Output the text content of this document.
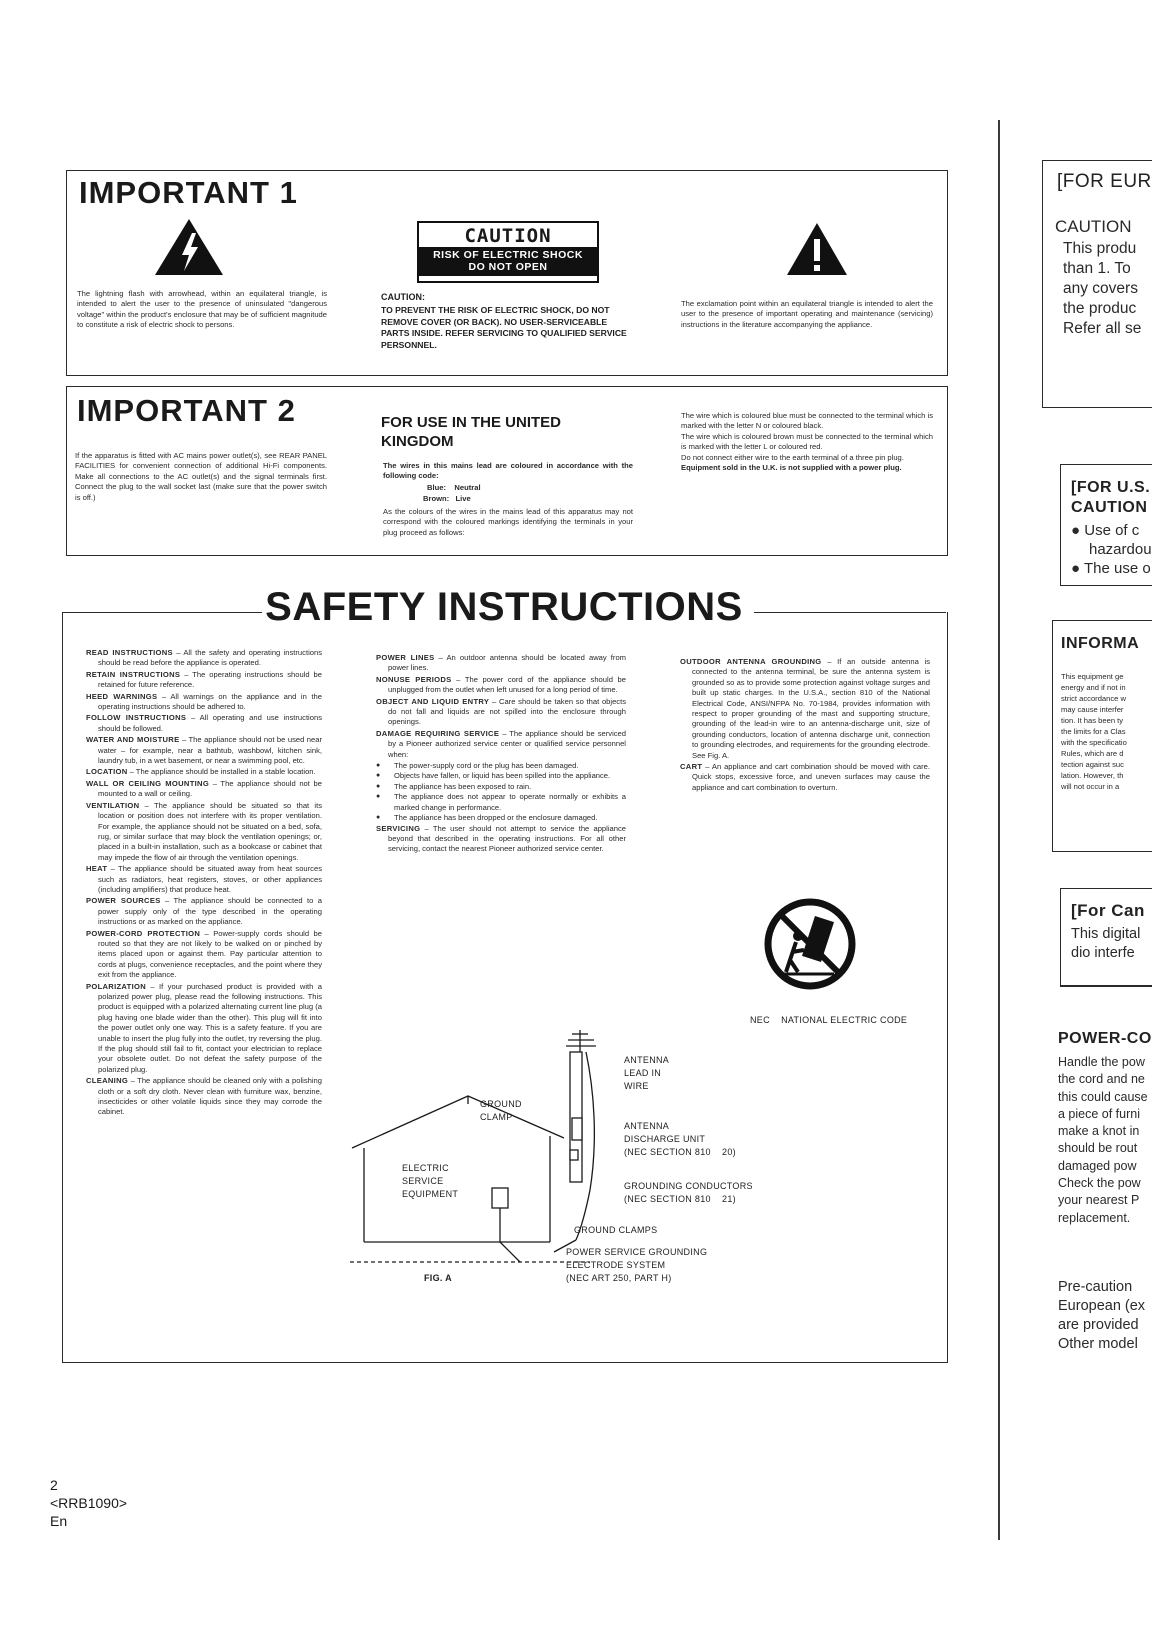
IMPORTANT 1
The lightning flash with arrowhead, within an equilateral triangle, is intended to alert the user to the presence of uninsulated "dangerous voltage" within the product's enclosure that may be of sufficient magnitude to constitute a risk of electric shock to persons.
CAUTION
RISK OF ELECTRIC SHOCK
DO NOT OPEN
CAUTION:
TO PREVENT THE RISK OF ELECTRIC SHOCK, DO NOT REMOVE COVER (OR BACK). NO USER-SERVICEABLE PARTS INSIDE. REFER SERVICING TO QUALIFIED SERVICE PERSONNEL.
The exclamation point within an equilateral triangle is intended to alert the user to the presence of important operating and maintenance (servicing) instructions in the literature accompanying the appliance.
IMPORTANT 2
If the apparatus is fitted with AC mains power outlet(s), see REAR PANEL FACILITIES for convenient connection of additional Hi-Fi components. Make all connections to the AC outlet(s) and the signal terminals first. Connect the plug to the wall socket last (make sure that the power switch is off.)
FOR USE IN THE UNITED KINGDOM
The wires in this mains lead are coloured in accordance with the following code:
Blue:    Neutral
Brown:   Live
As the colours of the wires in the mains lead of this apparatus may not correspond with the coloured markings identifying the terminals in your plug proceed as follows:
The wire which is coloured blue must be connected to the terminal which is marked with the letter N or coloured black.
The wire which is coloured brown must be connected to the terminal which is marked with the letter L or coloured red.
Do not connect either wire to the earth terminal of a three pin plug.
Equipment sold in the U.K. is not supplied with a power plug.
SAFETY INSTRUCTIONS
READ INSTRUCTIONS – All the safety and operating instructions should be read before the appliance is operated.
RETAIN INSTRUCTIONS – The operating instructions should be retained for future reference.
HEED WARNINGS – All warnings on the appliance and in the operating instructions should be adhered to.
FOLLOW INSTRUCTIONS – All operating and use instructions should be followed.
WATER AND MOISTURE – The appliance should not be used near water – for example, near a bathtub, washbowl, kitchen sink, laundry tub, in a wet basement, or near a swimming pool, etc.
LOCATION – The appliance should be installed in a stable location.
WALL OR CEILING MOUNTING – The appliance should not be mounted to a wall or ceiling.
VENTILATION – The appliance should be situated so that its location or position does not interfere with its proper ventilation. For example, the appliance should not be situated on a bed, sofa, rug, or similar surface that may block the ventilation openings; or, placed in a built-in installation, such as a bookcase or cabinet that may impede the flow of air through the ventilation openings.
HEAT – The appliance should be situated away from heat sources such as radiators, heat registers, stoves, or other appliances (including amplifiers) that produce heat.
POWER SOURCES – The appliance should be connected to a power supply only of the type described in the operating instructions or as marked on the appliance.
POWER-CORD PROTECTION – Power-supply cords should be routed so that they are not likely to be walked on or pinched by items placed upon or against them. Pay particular attention to cords at plugs, convenience receptacles, and the point where they exit from the appliance.
POLARIZATION – If your purchased product is provided with a polarized power plug, please read the following instructions. This product is equipped with a polarized alternating current line plug (a plug having one blade wider than the other). This plug will fit into the power outlet only one way. This is a safety feature. If you are unable to insert the plug fully into the outlet, try reversing the plug. If the plug should still fail to fit, contact your electrician to replace your obsolete outlet. Do not defeat the safety purpose of the polarized plug.
CLEANING – The appliance should be cleaned only with a polishing cloth or a soft dry cloth. Never clean with furniture wax, benzine, insecticides or other volatile liquids since they may corrode the cabinet.
POWER LINES – An outdoor antenna should be located away from power lines.
NONUSE PERIODS – The power cord of the appliance should be unplugged from the outlet when left unused for a long period of time.
OBJECT AND LIQUID ENTRY – Care should be taken so that objects do not fall and liquids are not spilled into the enclosure through openings.
DAMAGE REQUIRING SERVICE – The appliance should be serviced by a Pioneer authorized service center or qualified service personnel when:
● The power-supply cord or the plug has been damaged.
● Objects have fallen, or liquid has been spilled into the appliance.
● The appliance has been exposed to rain.
● The appliance does not appear to operate normally or exhibits a marked change in performance.
● The appliance has been dropped or the enclosure damaged.
SERVICING – The user should not attempt to service the appliance beyond that described in the operating instructions. For all other servicing, contact the nearest Pioneer authorized service center.
OUTDOOR ANTENNA GROUNDING – If an outside antenna is connected to the antenna terminal, be sure the antenna system is grounded so as to provide some protection against voltage surges and built up static charges. In the U.S.A., section 810 of the National Electrical Code, ANSI/NFPA No. 70-1984, provides information with respect to proper grounding of the mast and supporting structure, grounding of the lead-in wire to an antenna-discharge unit, size of grounding conductors, location of antenna discharge unit, connection to grounding electrodes, and requirements for the grounding electrode. See Fig. A.
CART – An appliance and cart combination should be moved with care. Quick stops, excessive force, and uneven surfaces may cause the appliance and cart combination to overturn.
NEC    NATIONAL ELECTRIC CODE
ANTENNA
LEAD IN
WIRE
GROUND
CLAMP
ANTENNA
DISCHARGE UNIT
(NEC SECTION 810    20)
ELECTRIC
SERVICE
EQUIPMENT
GROUNDING CONDUCTORS
(NEC SECTION 810    21)
GROUND CLAMPS
POWER SERVICE GROUNDING
ELECTRODE SYSTEM
(NEC ART 250, PART H)
FIG. A
2
<RRB1090>
En
[FOR EUR
CAUTION
This produ
than 1. To
any covers
the produc
Refer all se
[FOR U.S.
CAUTION
● Use of c
hazardou
● The use o
INFORMA
This equipment ge
energy and if not in
strict accordance w
may cause interfer
tion. It has been ty
the limits for a Clas
with the specificatio
Rules, which are d
tection against suc
lation. However, th
will not occur in a
[For Can
This digital
dio interfe
POWER-CO
Handle the pow
the cord and ne
this could cause
a piece of furni
make a knot in
should be rout
damaged pow
Check the pow
your nearest P
replacement.
Pre-caution
European (ex
are provided
Other model
